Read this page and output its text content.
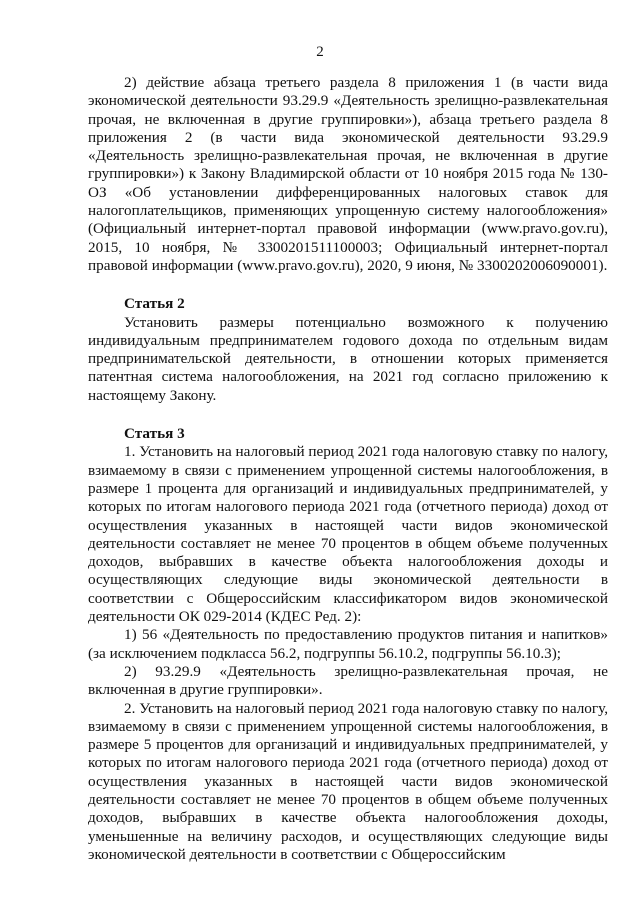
2

2) действие абзаца третьего раздела 8 приложения 1 (в части вида экономической деятельности 93.29.9 «Деятельность зрелищно-развлекательная прочая, не включенная в другие группировки»), абзаца третьего раздела 8 приложения 2 (в части вида экономической деятельности 93.29.9 «Деятельность зрелищно-развлекательная прочая, не включенная в другие группировки») к Закону Владимирской области от 10 ноября 2015 года № 130-ОЗ «Об установлении дифференцированных налоговых ставок для налогоплательщиков, применяющих упрощенную систему налогообложения» (Официальный интернет-портал правовой информации (www.pravo.gov.ru), 2015, 10 ноября, № 3300201511100003; Официальный интернет-портал правовой информации (www.pravo.gov.ru), 2020, 9 июня, № 3300202006090001).

Статья 2

Установить размеры потенциально возможного к получению индивидуальным предпринимателем годового дохода по отдельным видам предпринимательской деятельности, в отношении которых применяется патентная система налогообложения, на 2021 год согласно приложению к настоящему Закону.

Статья 3

1. Установить на налоговый период 2021 года налоговую ставку по налогу, взимаемому в связи с применением упрощенной системы налогообложения, в размере 1 процента для организаций и индивидуальных предпринимателей, у которых по итогам налогового периода 2021 года (отчетного периода) доход от осуществления указанных в настоящей части видов экономической деятельности составляет не менее 70 процентов в общем объеме полученных доходов, выбравших в качестве объекта налогообложения доходы и осуществляющих следующие виды экономической деятельности в соответствии с Общероссийским классификатором видов экономической деятельности ОК 029-2014 (КДЕС Ред. 2):

1) 56 «Деятельность по предоставлению продуктов питания и напитков» (за исключением подкласса 56.2, подгруппы 56.10.2, подгруппы 56.10.3);

2) 93.29.9 «Деятельность зрелищно-развлекательная прочая, не включенная в другие группировки».

2. Установить на налоговый период 2021 года налоговую ставку по налогу, взимаемому в связи с применением упрощенной системы налогообложения, в размере 5 процентов для организаций и индивидуальных предпринимателей, у которых по итогам налогового периода 2021 года (отчетного периода) доход от осуществления указанных в настоящей части видов экономической деятельности составляет не менее 70 процентов в общем объеме полученных доходов, выбравших в качестве объекта налогообложения доходы, уменьшенные на величину расходов, и осуществляющих следующие виды экономической деятельности в соответствии с Общероссийским
